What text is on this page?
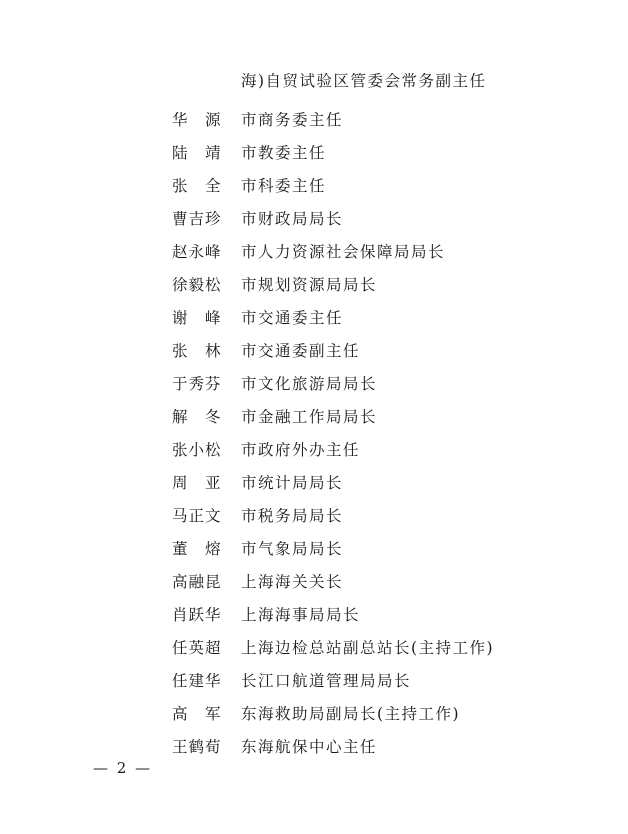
海)自贸试验区管委会常务副主任
华　源	市商务委主任
陆　靖	市教委主任
张　全	市科委主任
曹吉珍	市财政局局长
赵永峰	市人力资源社会保障局局长
徐毅松	市规划资源局局长
谢　峰	市交通委主任
张　林	市交通委副主任
于秀芬	市文化旅游局局长
解　冬	市金融工作局局长
张小松	市政府外办主任
周　亚	市统计局局长
马正文	市税务局局长
董　熔	市气象局局长
高融昆	上海海关关长
肖跃华	上海海事局局长
任英超	上海边检总站副总站长(主持工作)
任建华	长江口航道管理局局长
高　军	东海救助局副局长(主持工作)
王鹤荀	东海航保中心主任
— 2 —
